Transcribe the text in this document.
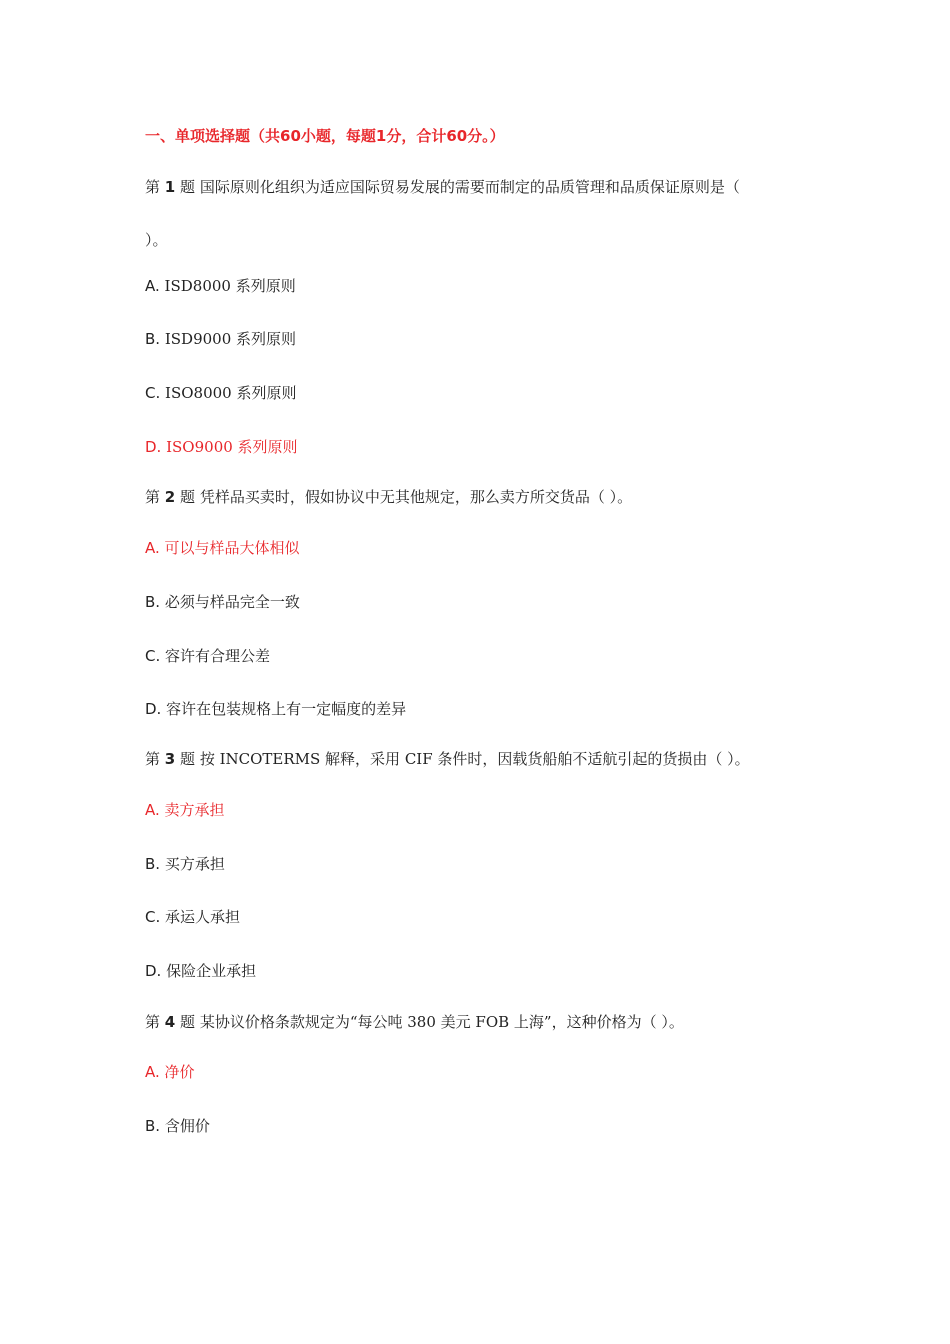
一、单项选择题（共60小题，每题1分，合计60分。）
第 1 题 国际原则化组织为适应国际贸易发展的需要而制定的品质管理和品质保证原则是（
）。
A. ISD8000 系列原则
B. ISD9000 系列原则
C. ISO8000 系列原则
D. ISO9000 系列原则
第 2 题 凭样品买卖时，假如协议中无其他规定，那么卖方所交货品（ ）。
A. 可以与样品大体相似
B. 必须与样品完全一致
C. 容许有合理公差
D. 容许在包装规格上有一定幅度的差异
第 3 题 按 INCOTERMS 解释，采用 CIF 条件时，因载货船舶不适航引起的货损由（ ）。
A. 卖方承担
B. 买方承担
C. 承运人承担
D. 保险企业承担
第 4 题 某协议价格条款规定为“每公吨 380 美元 FOB 上海”，这种价格为（ ）。
A. 净价
B. 含佣价
